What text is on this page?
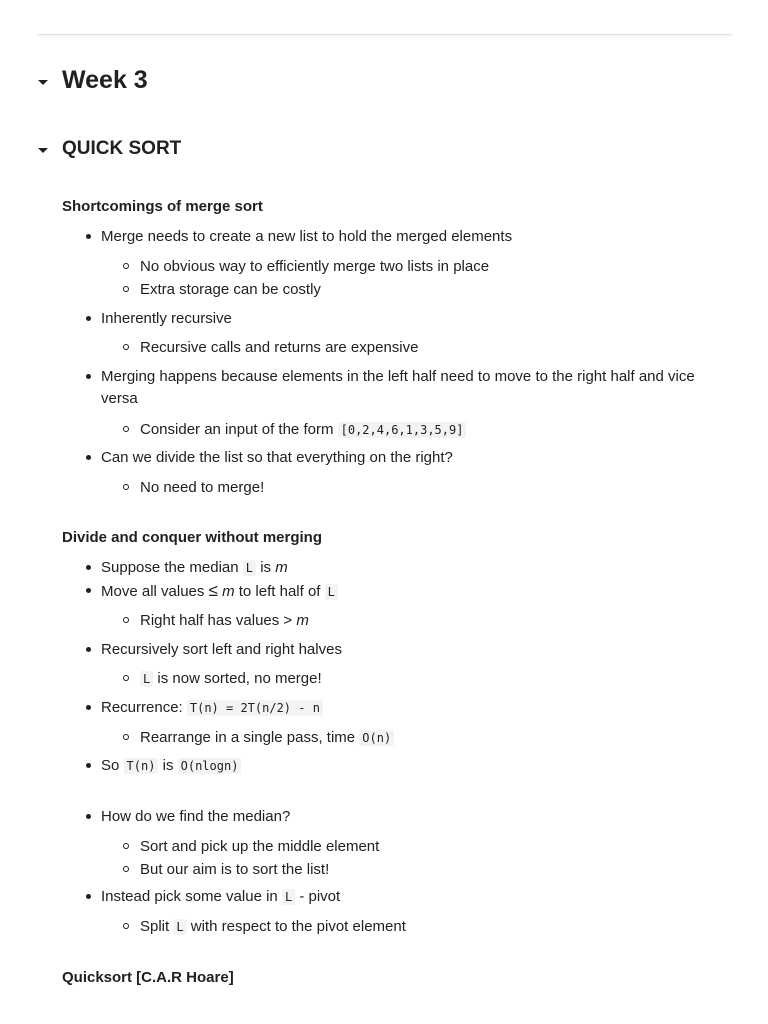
Week 3
QUICK SORT
Shortcomings of merge sort
Merge needs to create a new list to hold the merged elements
No obvious way to efficiently merge two lists in place
Extra storage can be costly
Inherently recursive
Recursive calls and returns are expensive
Merging happens because elements in the left half need to move to the right half and vice versa
Consider an input of the form [0,2,4,6,1,3,5,9]
Can we divide the list so that everything on the right?
No need to merge!
Divide and conquer without merging
Suppose the median L is m
Move all values ≤ m to left half of L
Right half has values > m
Recursively sort left and right halves
L is now sorted, no merge!
Recurrence: T(n) = 2T(n/2) - n
Rearrange in a single pass, time O(n)
So T(n) is O(nlogn)
How do we find the median?
Sort and pick up the middle element
But our aim is to sort the list!
Instead pick some value in L - pivot
Split L with respect to the pivot element
Quicksort [C.A.R Hoare]
